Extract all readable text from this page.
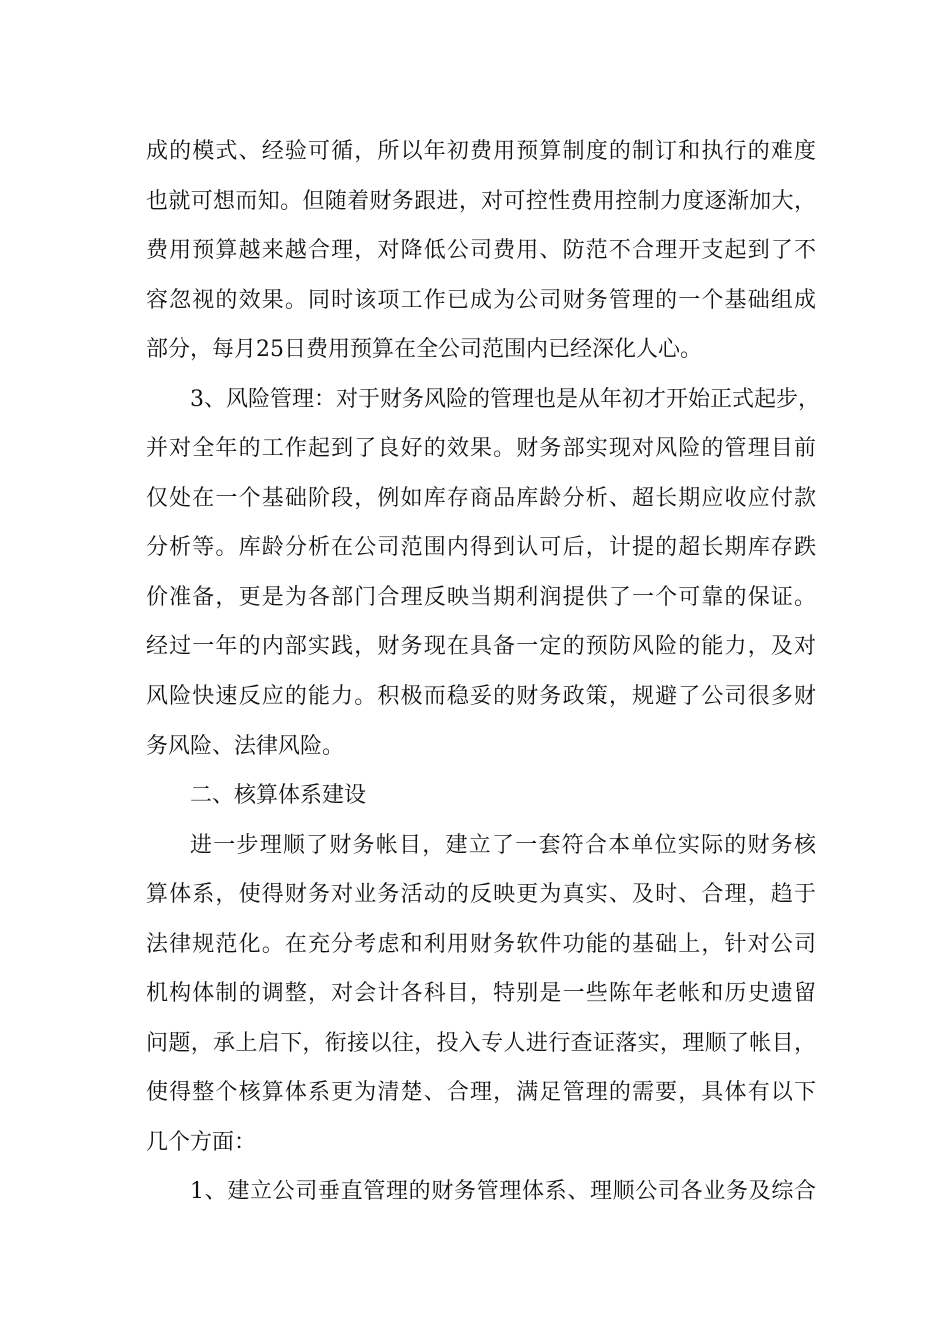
成的模式、经验可循，所以年初费用预算制度的制订和执行的难度
也就可想而知。但随着财务跟进，对可控性费用控制力度逐渐加大，
费用预算越来越合理，对降低公司费用、防范不合理开支起到了不
容忽视的效果。同时该项工作已成为公司财务管理的一个基础组成
部分，每月25日费用预算在全公司范围内已经深化人心。
3、风险管理：对于财务风险的管理也是从年初才开始正式起步，
并对全年的工作起到了良好的效果。财务部实现对风险的管理目前
仅处在一个基础阶段，例如库存商品库龄分析、超长期应收应付款
分析等。库龄分析在公司范围内得到认可后，计提的超长期库存跌
价准备，更是为各部门合理反映当期利润提供了一个可靠的保证。
经过一年的内部实践，财务现在具备一定的预防风险的能力，及对
风险快速反应的能力。积极而稳妥的财务政策，规避了公司很多财
务风险、法律风险。
二、核算体系建设
进一步理顺了财务帐目，建立了一套符合本单位实际的财务核
算体系，使得财务对业务活动的反映更为真实、及时、合理，趋于
法律规范化。在充分考虑和利用财务软件功能的基础上，针对公司
机构体制的调整，对会计各科目，特别是一些陈年老帐和历史遗留
问题，承上启下，衔接以往，投入专人进行查证落实，理顺了帐目，
使得整个核算体系更为清楚、合理，满足管理的需要，具体有以下
几个方面：
1、建立公司垂直管理的财务管理体系、理顺公司各业务及综合
